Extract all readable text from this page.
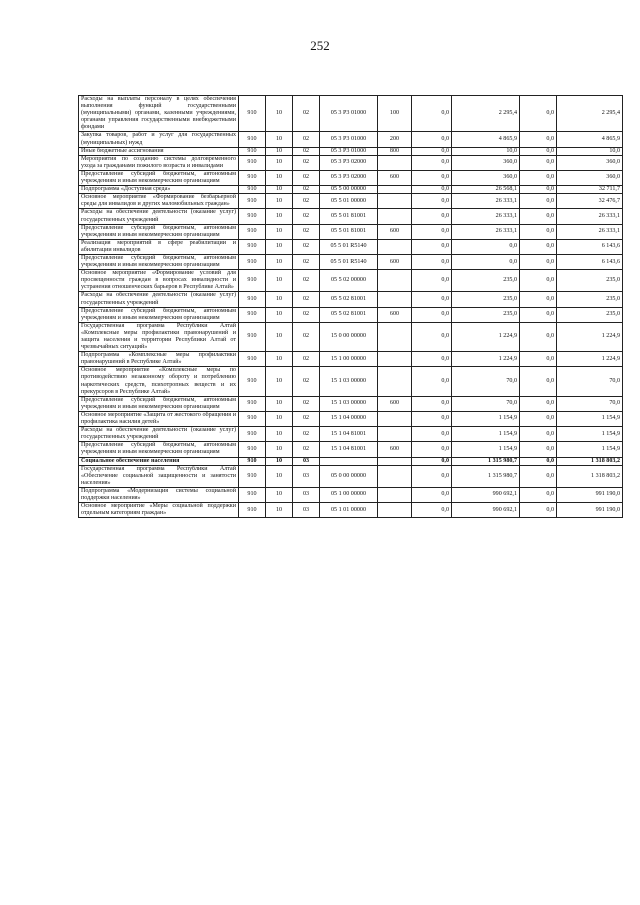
252
Расходы на выплаты персоналу в целях обеспечения выполнения функций государственными (муниципальными) органами, казенными учреждениями, органами управления государственными внебюджетными фондами	910	10	02	05 3 Р3 01000	100	0,0	2 295,4	0,0	2 295,4
Закупка товаров, работ и услуг для государственных (муниципальных) нужд	910	10	02	05 3 Р3 01000	200	0,0	4 865,9	0,0	4 865,9
Иные бюджетные ассигнования	910	10	02	05 3 Р3 01000	800	0,0	10,0	0,0	10,0
Мероприятия по созданию системы долговременного ухода за гражданами пожилого возраста и инвалидами	910	10	02	05 3 Р3 02000		0,0	360,0	0,0	360,0
Предоставление субсидий бюджетным, автономным учреждениям и иным некоммерческим организациям	910	10	02	05 3 Р3 02000	600	0,0	360,0	0,0	360,0
Подпрограмма «Доступная среда»	910	10	02	05 5 00 00000		0,0	26 568,1	0,0	32 711,7
Основное мероприятие «Формирование безбарьерной среды для инвалидов и других маломобильных граждан»	910	10	02	05 5 01 00000		0,0	26 333,1	0,0	32 476,7
Расходы на обеспечение деятельности (оказание услуг) государственных учреждений	910	10	02	05 5 01 81001		0,0	26 333,1	0,0	26 333,1
Предоставление субсидий бюджетным, автономным учреждениям и иным некоммерческим организациям	910	10	02	05 5 01 81001	600	0,0	26 333,1	0,0	26 333,1
Реализация мероприятий в сфере реабилитации и абилитации инвалидов	910	10	02	05 5 01 R5140		0,0	0,0	0,0	6 143,6
Предоставление субсидий бюджетным, автономным учреждениям и иным некоммерческим организациям	910	10	02	05 5 01 R5140	600	0,0	0,0	0,0	6 143,6
Основное мероприятие «Формирование условий для просвещенности граждан в вопросах инвалидности и устранения отношенческих барьеров в Республике Алтай»	910	10	02	05 5 02 00000		0,0	235,0	0,0	235,0
Расходы на обеспечение деятельности (оказание услуг) государственных учреждений	910	10	02	05 5 02 81001		0,0	235,0	0,0	235,0
Предоставление субсидий бюджетным, автономным учреждениям и иным некоммерческим организациям	910	10	02	05 5 02 81001	600	0,0	235,0	0,0	235,0
Государственная программа Республики Алтай «Комплексные меры профилактики правонарушений и защита населения и территории Республики Алтай от чрезвычайных ситуаций»	910	10	02	15 0 00 00000		0,0	1 224,9	0,0	1 224,9
Подпрограмма «Комплексные меры профилактики правонарушений в Республике Алтай»	910	10	02	15 1 00 00000		0,0	1 224,9	0,0	1 224,9
Основное мероприятие «Комплексные меры по противодействию незаконному обороту и потреблению наркотических средств, психотропных веществ и их прекурсоров в Республике Алтай»	910	10	02	15 1 03 00000		0,0	70,0	0,0	70,0
Предоставление субсидий бюджетным, автономным учреждениям и иным некоммерческим организациям	910	10	02	15 1 03 00000	600	0,0	70,0	0,0	70,0
Основное мероприятие «Защита от жестокого обращения и профилактика насилия детей»	910	10	02	15 1 04 00000		0,0	1 154,9	0,0	1 154,9
Расходы на обеспечение деятельности (оказание услуг) государственных учреждений	910	10	02	15 1 04 81001		0,0	1 154,9	0,0	1 154,9
Предоставление субсидий бюджетным, автономным учреждениям и иным некоммерческим организациям	910	10	02	15 1 04 81001	600	0,0	1 154,9	0,0	1 154,9
Социальное обеспечение населения	910	10	03			0,0	1 315 980,7	0,0	1 318 803,2
Государственная программа Республики Алтай «Обеспечение социальной защищенности и занятости населения»	910	10	03	05 0 00 00000		0,0	1 315 980,7	0,0	1 318 803,2
Подпрограмма «Модернизация системы социальной поддержки населения»	910	10	03	05 1 00 00000		0,0	990 692,1	0,0	991 190,0
Основное мероприятие «Меры социальной поддержки отдельным категориям граждан»	910	10	03	05 1 01 00000		0,0	990 692,1	0,0	991 190,0
